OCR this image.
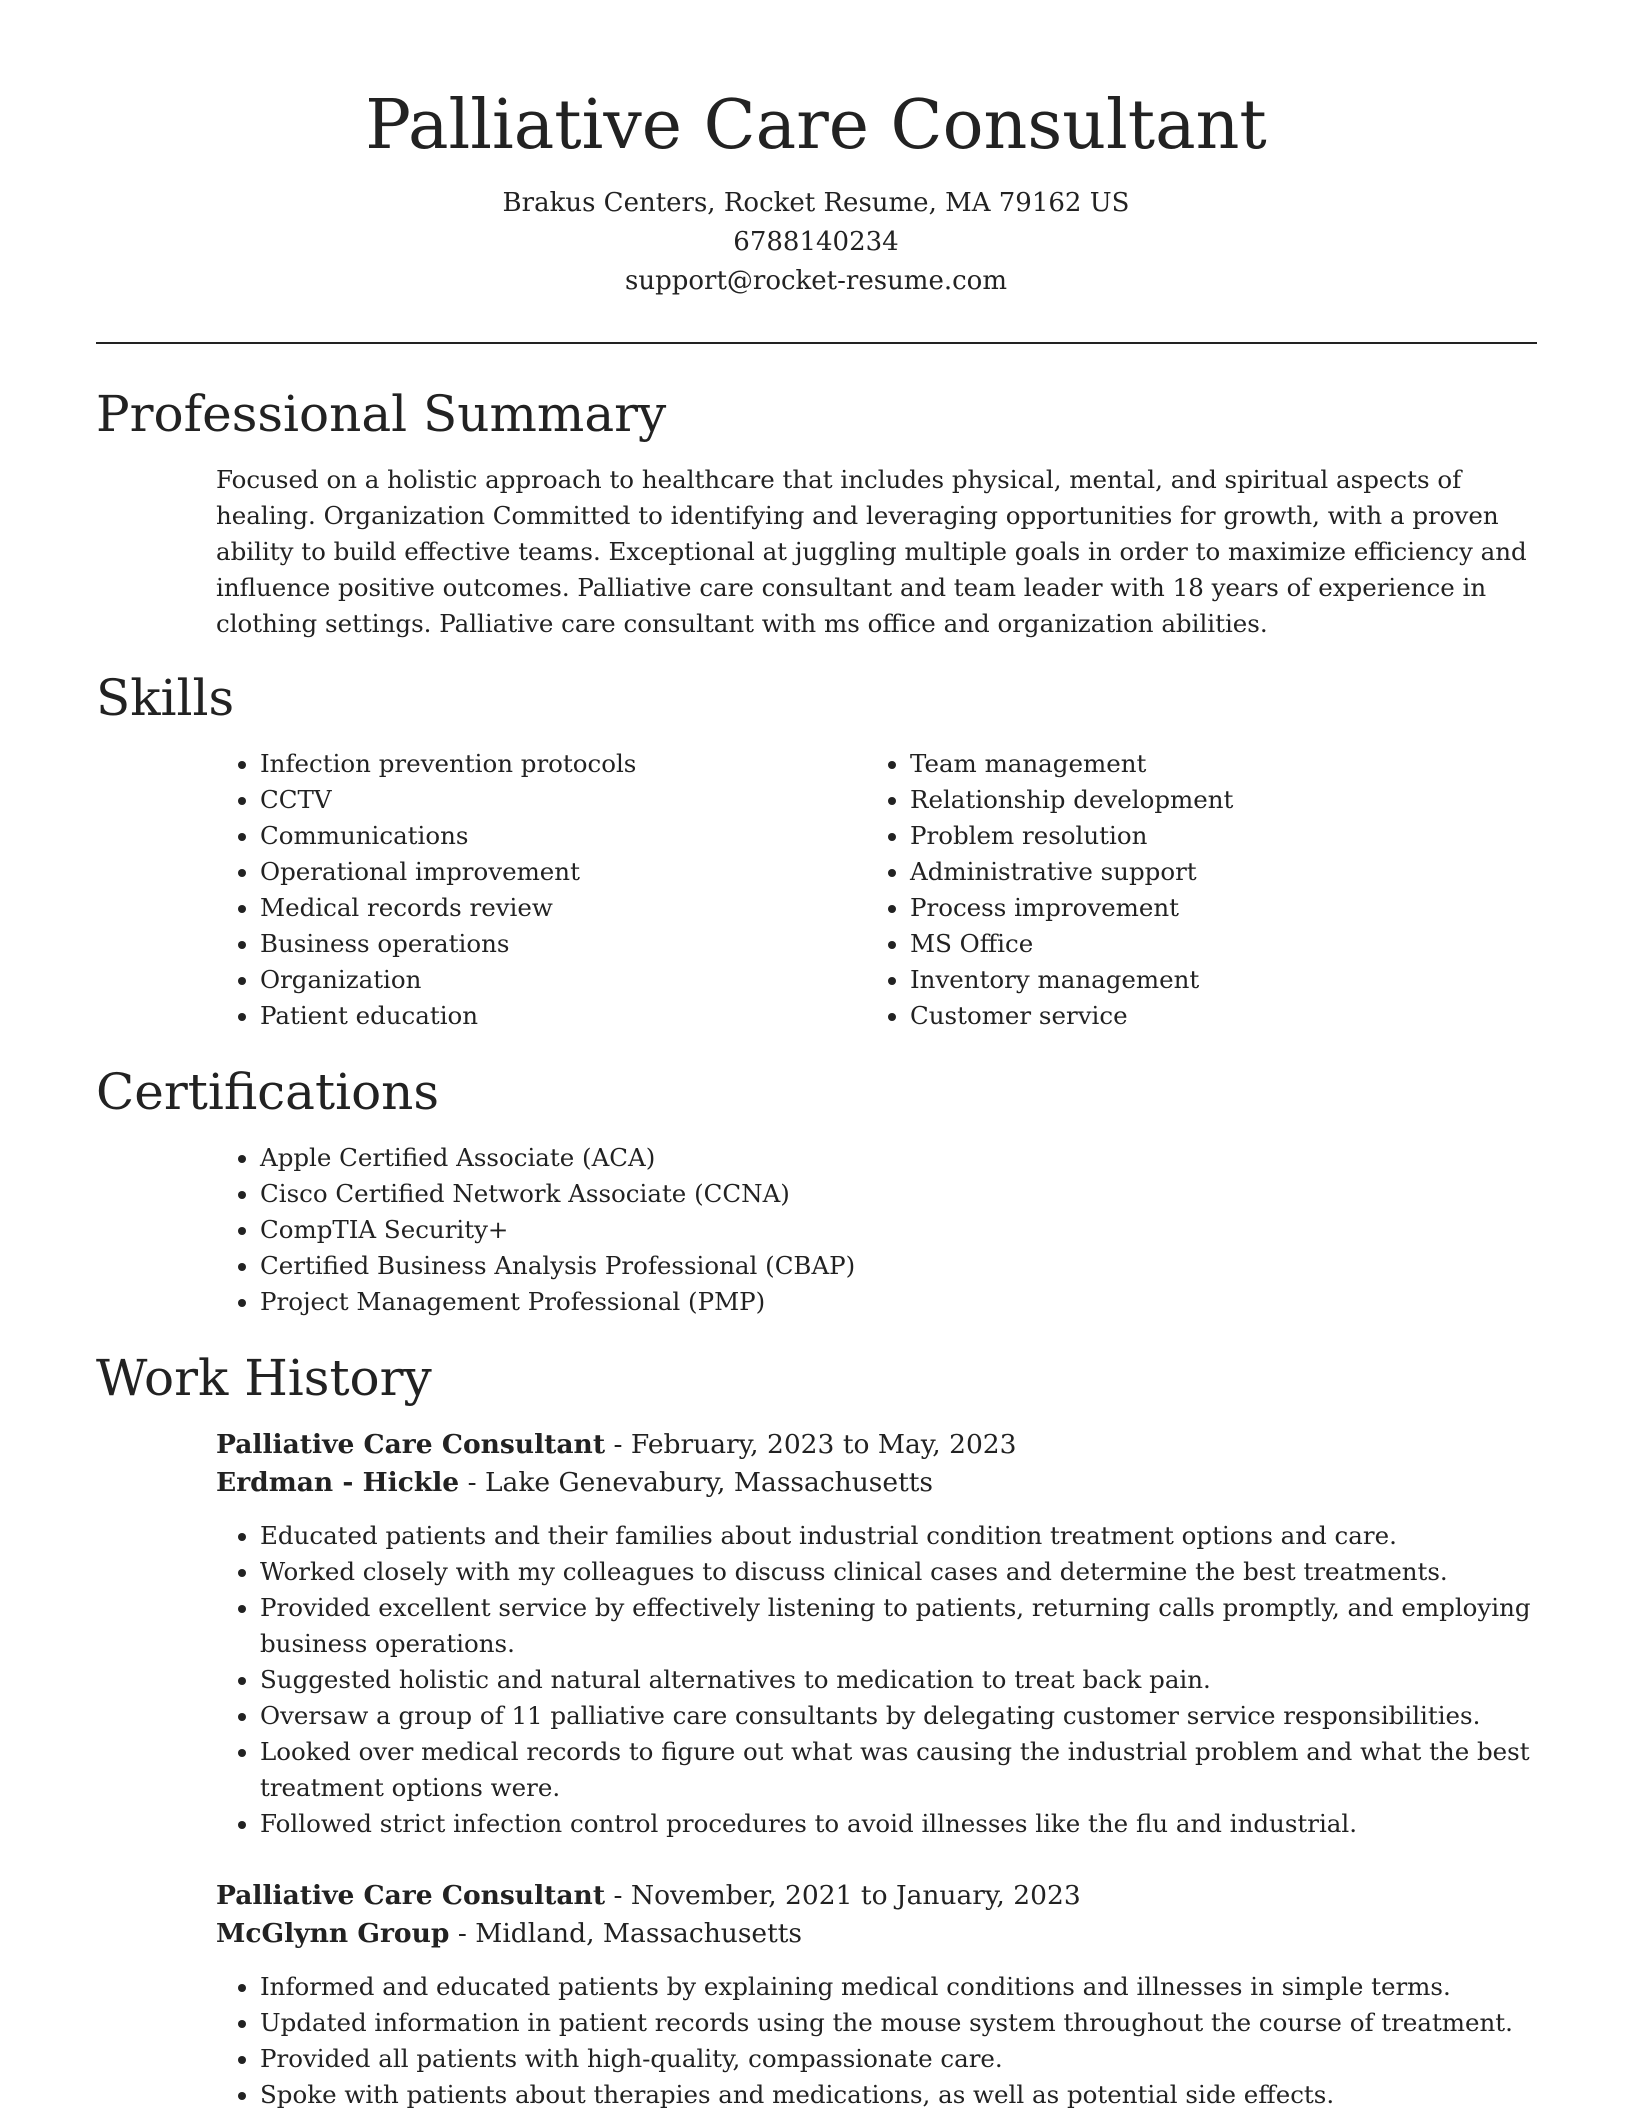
Palliative Care Consultant
Brakus Centers, Rocket Resume, MA 79162 US
6788140234
support@rocket-resume.com
Professional Summary

Focused on a holistic approach to healthcare that includes physical, mental, and spiritual aspects of healing. Organization Committed to identifying and leveraging opportunities for growth, with a proven ability to build effective teams. Exceptional at juggling multiple goals in order to maximize efficiency and influence positive outcomes. Palliative care consultant and team leader with 18 years of experience in clothing settings. Palliative care consultant with ms office and organization abilities.

Skills
• Infection prevention protocols
• CCTV
• Communications
• Operational improvement
• Medical records review
• Business operations
• Organization
• Patient education
• Team management
• Relationship development
• Problem resolution
• Administrative support
• Process improvement
• MS Office
• Inventory management
• Customer service
Certifications
• Apple Certified Associate (ACA)
• Cisco Certified Network Associate (CCNA)
• CompTIA Security+
• Certified Business Analysis Professional (CBAP)
• Project Management Professional (PMP)
Work History
Palliative Care Consultant - February, 2023 to May, 2023
Erdman - Hickle - Lake Genevabury, Massachusetts
• Educated patients and their families about industrial condition treatment options and care.
• Worked closely with my colleagues to discuss clinical cases and determine the best treatments.
• Provided excellent service by effectively listening to patients, returning calls promptly, and employing business operations.
• Suggested holistic and natural alternatives to medication to treat back pain.
• Oversaw a group of 11 palliative care consultants by delegating customer service responsibilities.
• Looked over medical records to figure out what was causing the industrial problem and what the best treatment options were.
• Followed strict infection control procedures to avoid illnesses like the flu and industrial.
Palliative Care Consultant - November, 2021 to January, 2023
McGlynn Group - Midland, Massachusetts
• Informed and educated patients by explaining medical conditions and illnesses in simple terms.
• Updated information in patient records using the mouse system throughout the course of treatment.
• Provided all patients with high-quality, compassionate care.
• Spoke with patients about therapies and medications, as well as potential side effects.
